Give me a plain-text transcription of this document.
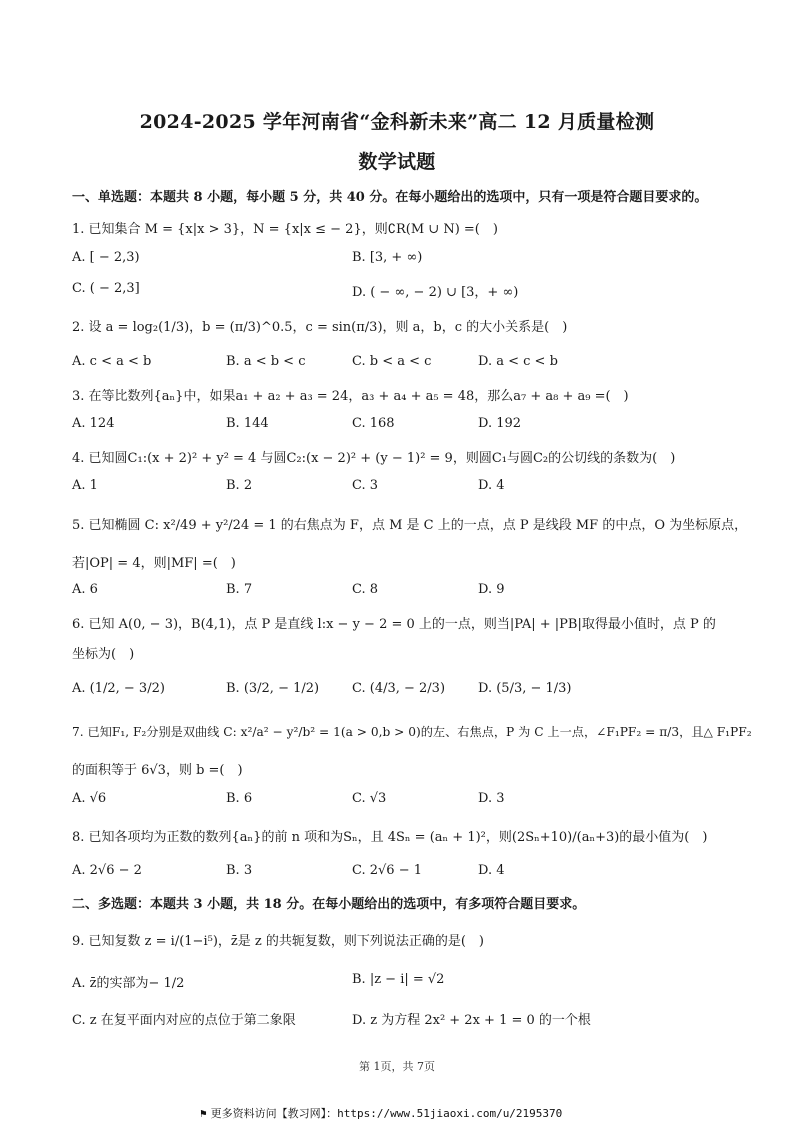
2024-2025 学年河南省“金科新未来”高二 12 月质量检测
数学试题
一、单选题：本题共 8 小题，每小题 5 分，共 40 分。在每小题给出的选项中，只有一项是符合题目要求的。
1. 已知集合 M = {x|x > 3}，N = {x|x ≤ − 2}，则∁R(M ∪ N) =(　)
A. [ − 2,3)	B. [3, + ∞)
C. ( − 2,3]	D. ( − ∞, − 2) ∪ [3，+ ∞)
2. 设 a = log₂(1/3)，b = (π/3)^0.5，c = sin(π/3)，则 a，b，c 的大小关系是(　)
A. c < a < b	B. a < b < c	C. b < a < c	D. a < c < b
3. 在等比数列{aₙ}中，如果a₁ + a₂ + a₃ = 24，a₃ + a₄ + a₅ = 48，那么a₇ + a₈ + a₉ =(　)
A. 124	B. 144	C. 168	D. 192
4. 已知圆C₁:(x + 2)² + y² = 4 与圆C₂:(x − 2)² + (y − 1)² = 9，则圆C₁与圆C₂的公切线的条数为(　)
A. 1	B. 2	C. 3	D. 4
5. 已知椭圆 C: x²/49 + y²/24 = 1 的右焦点为 F，点 M 是 C 上的一点，点 P 是线段 MF 的中点，O 为坐标原点，
若|OP| = 4，则|MF| =(　)
A. 6	B. 7	C. 8	D. 9
6. 已知 A(0, − 3)，B(4,1)，点 P 是直线 l:x − y − 2 = 0 上的一点，则当|PA| + |PB|取得最小值时，点 P 的
坐标为(　)
A. (1/2, − 3/2)	B. (3/2, − 1/2)	C. (4/3, − 2/3)	D. (5/3, − 1/3)
7. 已知F₁, F₂分别是双曲线 C: x²/a² − y²/b² = 1(a > 0,b > 0)的左、右焦点，P 为 C 上一点，∠F₁PF₂ = π/3，且△ F₁PF₂
的面积等于 6√3，则 b =(　)
A. √6	B. 6	C. √3	D. 3
8. 已知各项均为正数的数列{aₙ}的前 n 项和为Sₙ，且 4Sₙ = (aₙ + 1)²，则(2Sₙ+10)/(aₙ+3)的最小值为(　)
A. 2√6 − 2	B. 3	C. 2√6 − 1	D. 4
二、多选题：本题共 3 小题，共 18 分。在每小题给出的选项中，有多项符合题目要求。
9. 已知复数 z = i/(1−i⁵)，z̄是 z 的共轭复数，则下列说法正确的是(　)
A. z̄的实部为− 1/2	B. |z − i| = √2
C. z 在复平面内对应的点位于第二象限	D. z 为方程 2x² + 2x + 1 = 0 的一个根
第 1页，共 7页
⚑ 更多资料访问【教习网】：https://www.51jiaoxi.com/u/2195370
